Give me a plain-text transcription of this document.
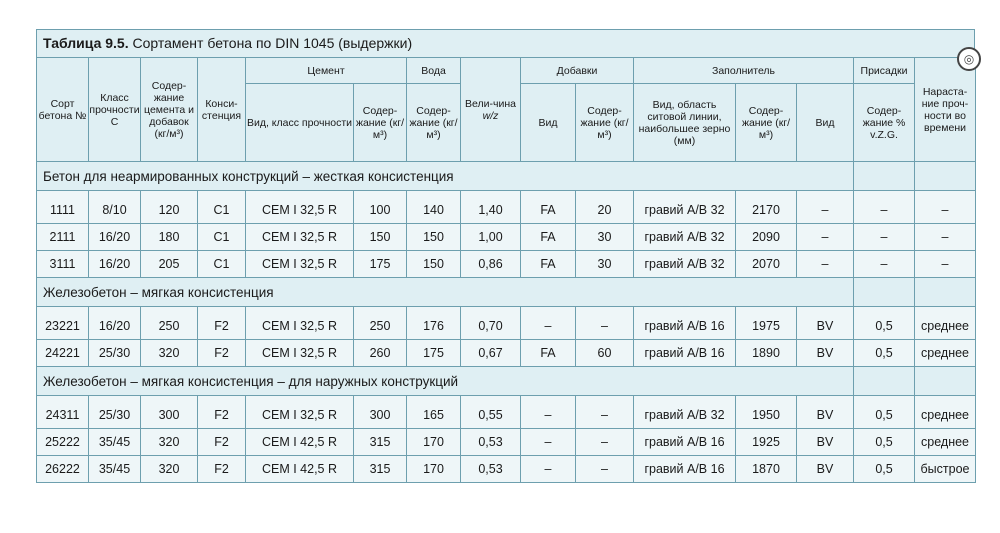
Таблица 9.5. Сортамент бетона по DIN 1045 (выдержки)
Сорт бетона №	Класс прочности C	Содер-жание цемента и добавок (кг/м³)	Конси-стенция	Цемент		Вода	Вели-чина
w/z	Добавки		Заполнитель			Присадки	Нараста-ние проч-ности во времени
				Вид, класс прочности	Содер-жание (кг/м³)	Содер-жание (кг/м³)		Вид	Содер-жание (кг/м³)	Вид, область ситовой линии, наибольшее зерно (мм)	Содер-жание (кг/м³)	Вид	Содер-жание % v.Z.G.	
Бетон для неармированных конструкций – жесткая консистенция														
1111	8/10	120	C1	CEM I 32,5 R	100	140	1,40	FA	20	гравий A/B 32	2170	–	–	–
2111	16/20	180	C1	CEM I 32,5 R	150	150	1,00	FA	30	гравий A/B 32	2090	–	–	–
3111	16/20	205	C1	CEM I 32,5 R	175	150	0,86	FA	30	гравий A/B 32	2070	–	–	–
Железобетон – мягкая консистенция														
23221	16/20	250	F2	CEM I 32,5 R	250	176	0,70	–	–	гравий A/B 16	1975	BV	0,5	среднее
24221	25/30	320	F2	CEM I 32,5 R	260	175	0,67	FA	60	гравий A/B 16	1890	BV	0,5	среднее
Железобетон – мягкая консистенция – для наружных конструкций														
24311	25/30	300	F2	CEM I 32,5 R	300	165	0,55	–	–	гравий A/B 32	1950	BV	0,5	среднее
25222	35/45	320	F2	CEM I 42,5 R	315	170	0,53	–	–	гравий A/B 16	1925	BV	0,5	среднее
26222	35/45	320	F2	CEM I 42,5 R	315	170	0,53	–	–	гравий A/B 16	1870	BV	0,5	быстрое
◎
